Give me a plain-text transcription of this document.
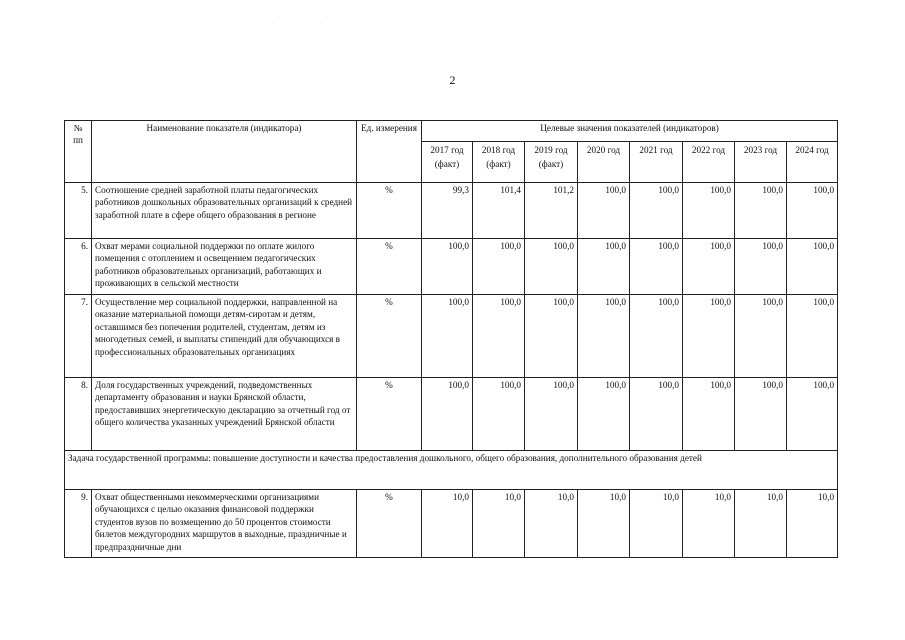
·	·
2
№ пп	Наименование показателя (индикатора)	Ед. измерения	Целевые значения показателей (индикаторов)							
			2017 год (факт)	2018 год (факт)	2019 год (факт)	2020 год	2021 год	2022 год	2023 год	2024 год
5.	Соотношение средней заработной платы педагогических работников дошкольных образовательных организаций к средней заработной плате в сфере общего образования в регионе	%	99,3	101,4	101,2	100,0	100,0	100,0	100,0	100,0
6.	Охват мерами социальной поддержки по оплате жилого помещения с отоплением и освещением педагогических работников образовательных организаций, работающих и проживающих в сельской местности	%	100,0	100,0	100,0	100,0	100,0	100,0	100,0	100,0
7.	Осуществление мер социальной поддержки, направленной на оказание материальной помощи детям-сиротам и детям, оставшимся без попечения родителей, студентам, детям из многодетных семей, и выплаты стипендий для обучающихся в профессиональных образовательных организациях	%	100,0	100,0	100,0	100,0	100,0	100,0	100,0	100,0
8.	Доля государственных учреждений, подведомственных департаменту образования и науки Брянской области, предоставивших энергетическую декларацию за отчетный год от общего количества указанных учреждений Брянской области	%	100,0	100,0	100,0	100,0	100,0	100,0	100,0	100,0
Задача государственной программы: повышение доступности и качества предоставления дошкольного, общего образования, дополнительного образования детей										
9.	Охват общественными некоммерческими организациями обучающихся с целью оказания финансовой поддержки студентов вузов по возмещению до 50 процентов стоимости билетов междугородних маршрутов в выходные, праздничные и предпраздничные дни	%	10,0	10,0	10,0	10,0	10,0	10,0	10,0	10,0
